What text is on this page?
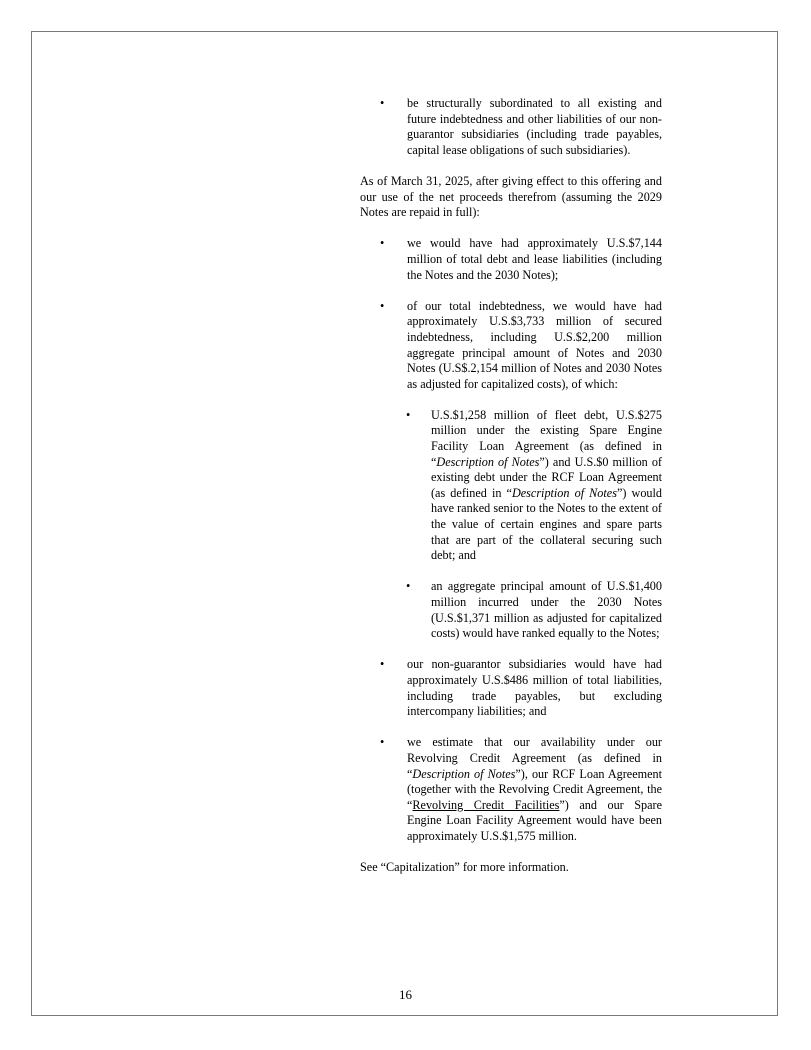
• be structurally subordinated to all existing and future indebtedness and other liabilities of our non-guarantor subsidiaries (including trade payables, capital lease obligations of such subsidiaries).

As of March 31, 2025, after giving effect to this offering and our use of the net proceeds therefrom (assuming the 2029 Notes are repaid in full):

• we would have had approximately U.S.$7,144 million of total debt and lease liabilities (including the Notes and the 2030 Notes);
• of our total indebtedness, we would have had approximately U.S.$3,733 million of secured indebtedness, including U.S.$2,200 million aggregate principal amount of Notes and 2030 Notes (U.S$.2,154 million of Notes and 2030 Notes as adjusted for capitalized costs), of which:
• U.S.$1,258 million of fleet debt, U.S.$275 million under the existing Spare Engine Facility Loan Agreement (as defined in “Description of Notes”) and U.S.$0 million of existing debt under the RCF Loan Agreement (as defined in “Description of Notes”) would have ranked senior to the Notes to the extent of the value of certain engines and spare parts that are part of the collateral securing such debt; and
• an aggregate principal amount of U.S.$1,400 million incurred under the 2030 Notes (U.S.$1,371 million as adjusted for capitalized costs) would have ranked equally to the Notes;
• our non-guarantor subsidiaries would have had approximately U.S.$486 million of total liabilities, including trade payables, but excluding intercompany liabilities; and
• we estimate that our availability under our Revolving Credit Agreement (as defined in “Description of Notes”), our RCF Loan Agreement (together with the Revolving Credit Agreement, the “Revolving Credit Facilities”) and our Spare Engine Loan Facility Agreement would have been approximately U.S.$1,575 million.

See “Capitalization” for more information.

16
